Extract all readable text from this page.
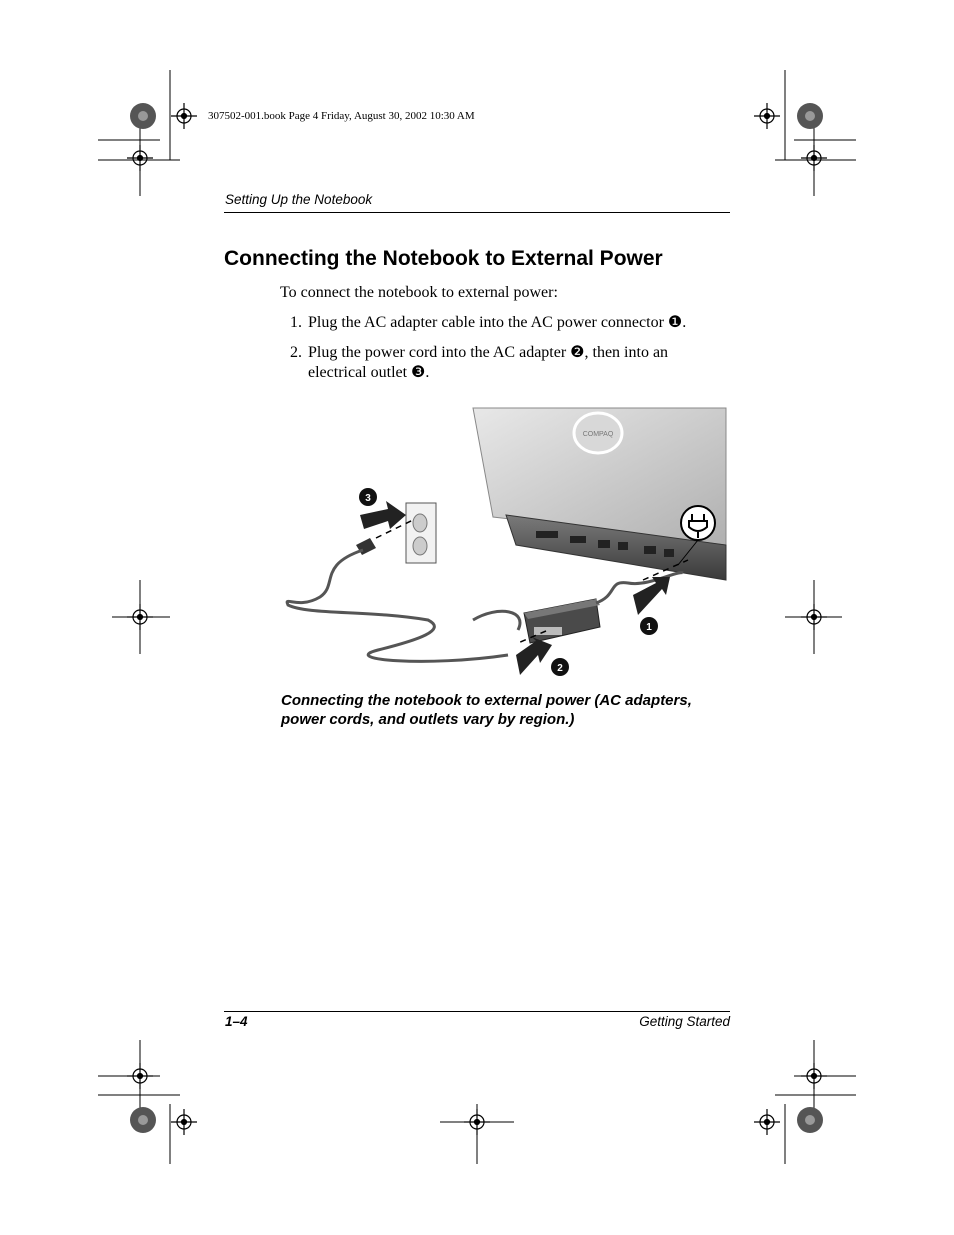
307502-001.book Page 4 Friday, August 30, 2002 10:30 AM
Setting Up the Notebook
Connecting the Notebook to External Power
To connect the notebook to external power:
1. Plug the AC adapter cable into the AC power connector ❶.
2. Plug the power cord into the AC adapter ❷, then into an electrical outlet ❸.
COMPAQ
3
1
2
Connecting the notebook to external power (AC adapters, power cords, and outlets vary by region.)
1–4	Getting Started
